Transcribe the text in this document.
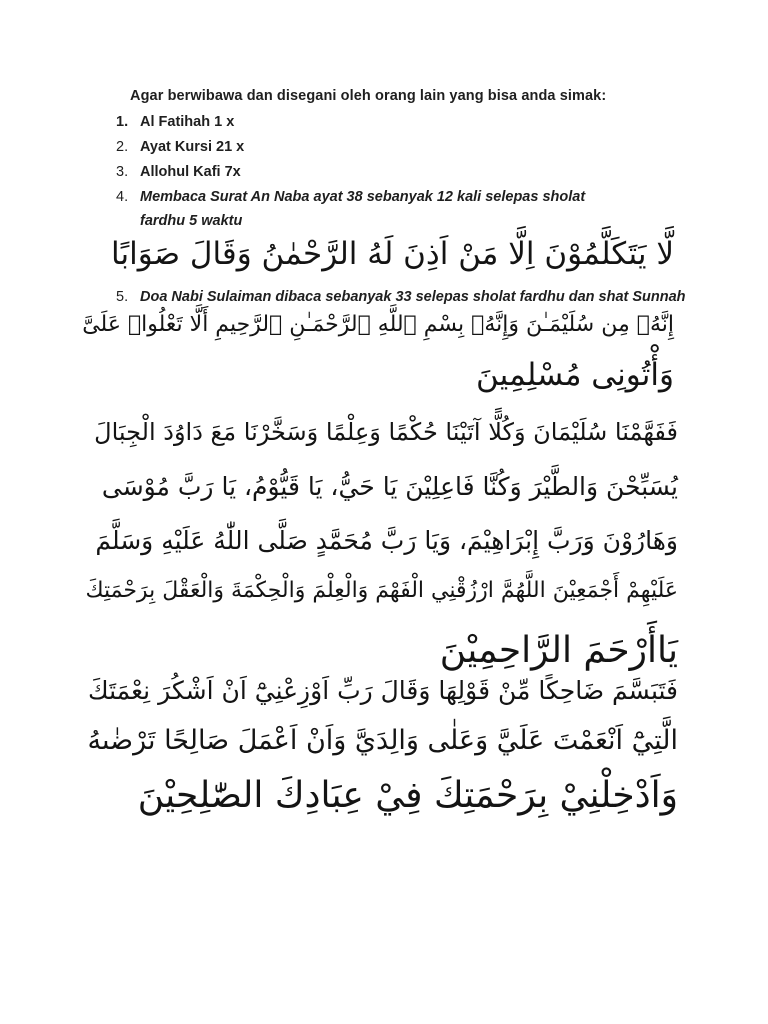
Agar berwibawa dan disegani oleh orang lain yang bisa anda simak:
1. Al Fatihah 1 x
2. Ayat Kursi 21 x
3. Allohul Kafi 7x
4. Membaca Surat An Naba ayat 38 sebanyak 12 kali selepas sholat
fardhu 5 waktu
لَّا يَتَكَلَّمُوْنَ اِلَّا مَنْ اَذِنَ لَهُ الرَّحْمٰنُ وَقَالَ صَوَابًا
5. Doa Nabi Sulaiman dibaca sebanyak 33 selepas sholat fardhu dan shat Sunnah
إِنَّهُۥ مِن سُلَيْمَـٰنَ وَإِنَّهُۥ بِسْمِ ٱللَّهِ ٱلرَّحْمَـٰنِ ٱلرَّحِيمِ أَلَّا تَعْلُوا۟ عَلَىَّ
وَأْتُونِى مُسْلِمِينَ
فَفَهَّمْنَا سُلَيْمَانَ وَكُلًّا آتَيْنَا حُكْمًا وَعِلْمًا وَسَخَّرْنَا مَعَ دَاوُدَ الْجِبَالَ
يُسَبِّحْنَ وَالطَّيْرَ وَكُنَّا فَاعِلِيْنَ يَا حَيُّ، يَا قَيُّوْمُ، يَا رَبَّ مُوْسَى
وَهَارُوْنَ وَرَبَّ إِبْرَاهِيْمَ، وَيَا رَبَّ مُحَمَّدٍ صَلَّى اللّٰهُ عَلَيْهِ وَسَلَّمَ
عَلَيْهِمْ أَجْمَعِيْنَ اللَّهُمَّ ارْزُقْنِي الْفَهْمَ وَالْعِلْمَ وَالْحِكْمَةَ وَالْعَقْلَ بِرَحْمَتِكَ
يَاأَرْحَمَ الرَّاحِمِيْنَ
فَتَبَسَّمَ ضَاحِكًا مِّنْ قَوْلِهَا وَقَالَ رَبِّ اَوْزِعْنِيْٓ اَنْ اَشْكُرَ نِعْمَتَكَ
الَّتِيْٓ اَنْعَمْتَ عَلَيَّ وَعَلٰى وَالِدَيَّ وَاَنْ اَعْمَلَ صَالِحًا تَرْضٰىهُ
وَاَدْخِلْنِيْ بِرَحْمَتِكَ فِيْ عِبَادِكَ الصّٰلِحِيْنَ
